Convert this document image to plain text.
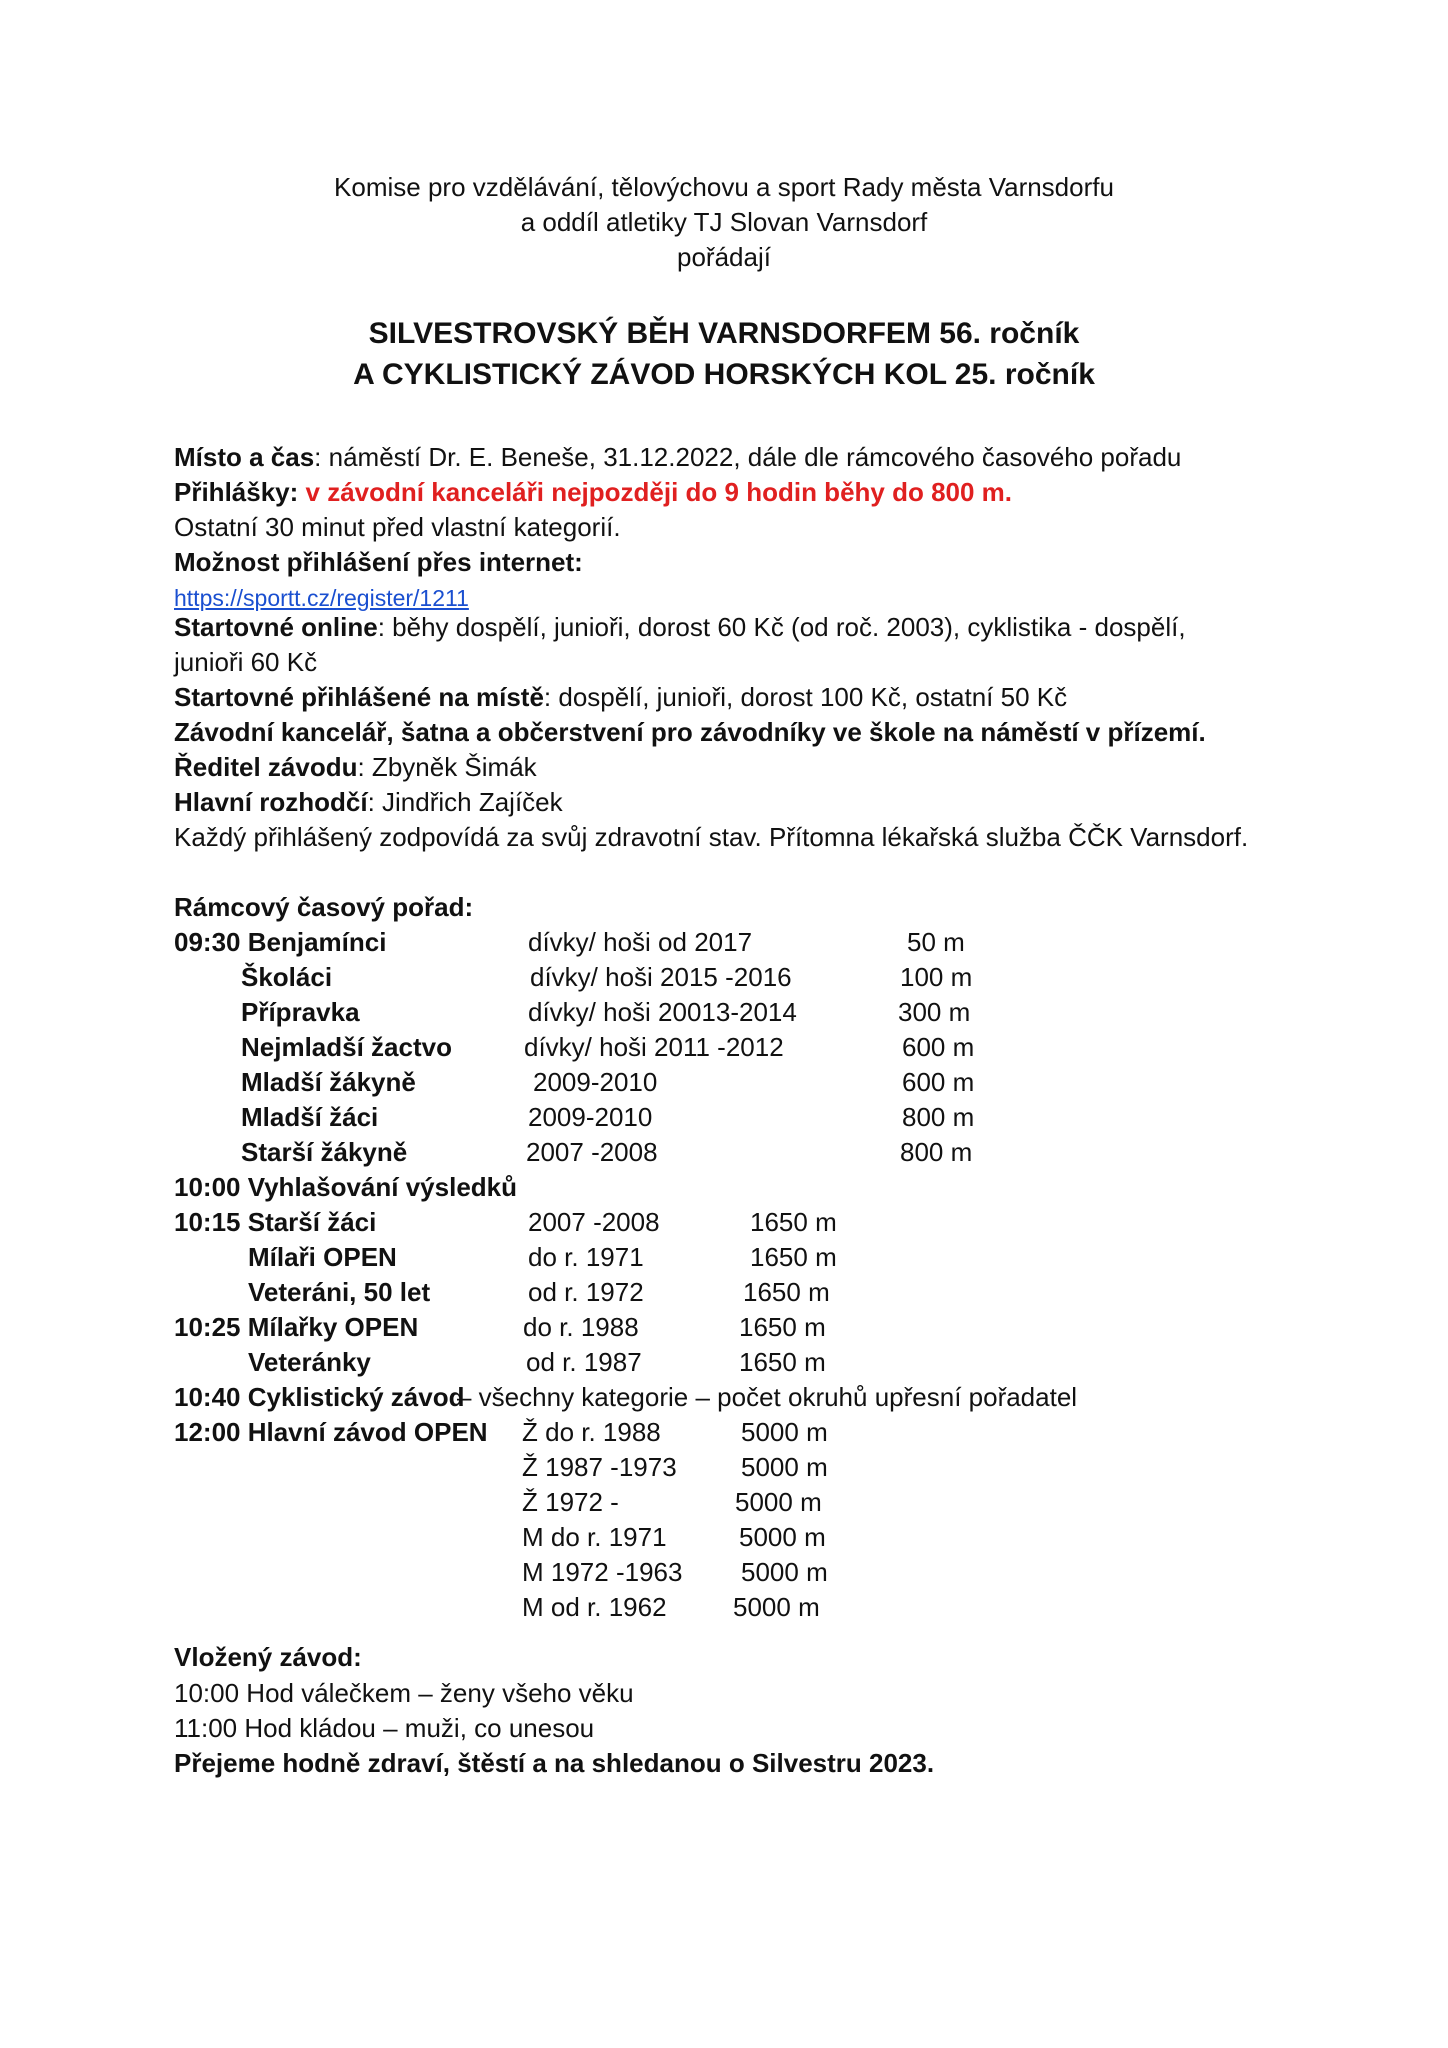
Komise pro vzdělávání, tělovýchovu a sport Rady města Varnsdorfu
a oddíl atletiky TJ Slovan Varnsdorf
pořádají
SILVESTROVSKÝ BĚH VARNSDORFEM 56. ročník
A CYKLISTICKÝ ZÁVOD HORSKÝCH KOL 25. ročník
Místo a čas: náměstí Dr. E. Beneše, 31.12.2022, dále dle rámcového časového pořadu
Přihlášky: v závodní kanceláři nejpozději do 9 hodin běhy do 800 m.
Ostatní 30 minut před vlastní kategorií.
Možnost přihlášení přes internet:
https://sportt.cz/register/1211
Startovné online: běhy dospělí, junioři, dorost 60 Kč (od roč. 2003), cyklistika - dospělí,
junioři 60 Kč
Startovné přihlášené na místě: dospělí, junioři, dorost 100 Kč, ostatní 50 Kč
Závodní kancelář, šatna a občerstvení pro závodníky ve škole na náměstí v přízemí.
Ředitel závodu: Zbyněk Šimák
Hlavní rozhodčí: Jindřich Zajíček
Každý přihlášený zodpovídá za svůj zdravotní stav. Přítomna lékařská služba ČČK Varnsdorf.
Rámcový časový pořad:
09:30 Benjamínci	dívky/ hoši od 2017	50 m
Školáci	dívky/ hoši 2015 -2016	100 m
Přípravka	dívky/ hoši 20013-2014	300 m
Nejmladší žactvo	dívky/ hoši 2011 -2012	600 m
Mladší žákyně	2009-2010	600 m
Mladší žáci	2009-2010	800 m
Starší žákyně	2007 -2008	800 m
10:00 Vyhlašování výsledků
10:15 Starší žáci	2007 -2008	1650 m
Mílaři OPEN	do r. 1971	1650 m
Veteráni, 50 let	od r. 1972	1650 m
10:25 Mílařky OPEN	do r. 1988	1650 m
Veteránky	od r. 1987	1650 m
10:40 Cyklistický závod
– všechny kategorie – počet okruhů upřesní pořadatel
12:00 Hlavní závod OPEN Ž do r. 1988	5000 m
Ž 1987 -1973 5000 m
Ž 1972 -	5000 m
M do r. 1971	5000 m
M 1972 -1963 5000 m
M od r. 1962	5000 m
Vložený závod:
10:00 Hod válečkem – ženy všeho věku
11:00 Hod kládou – muži, co unesou
Přejeme hodně zdraví, štěstí a na shledanou o Silvestru 2023.
